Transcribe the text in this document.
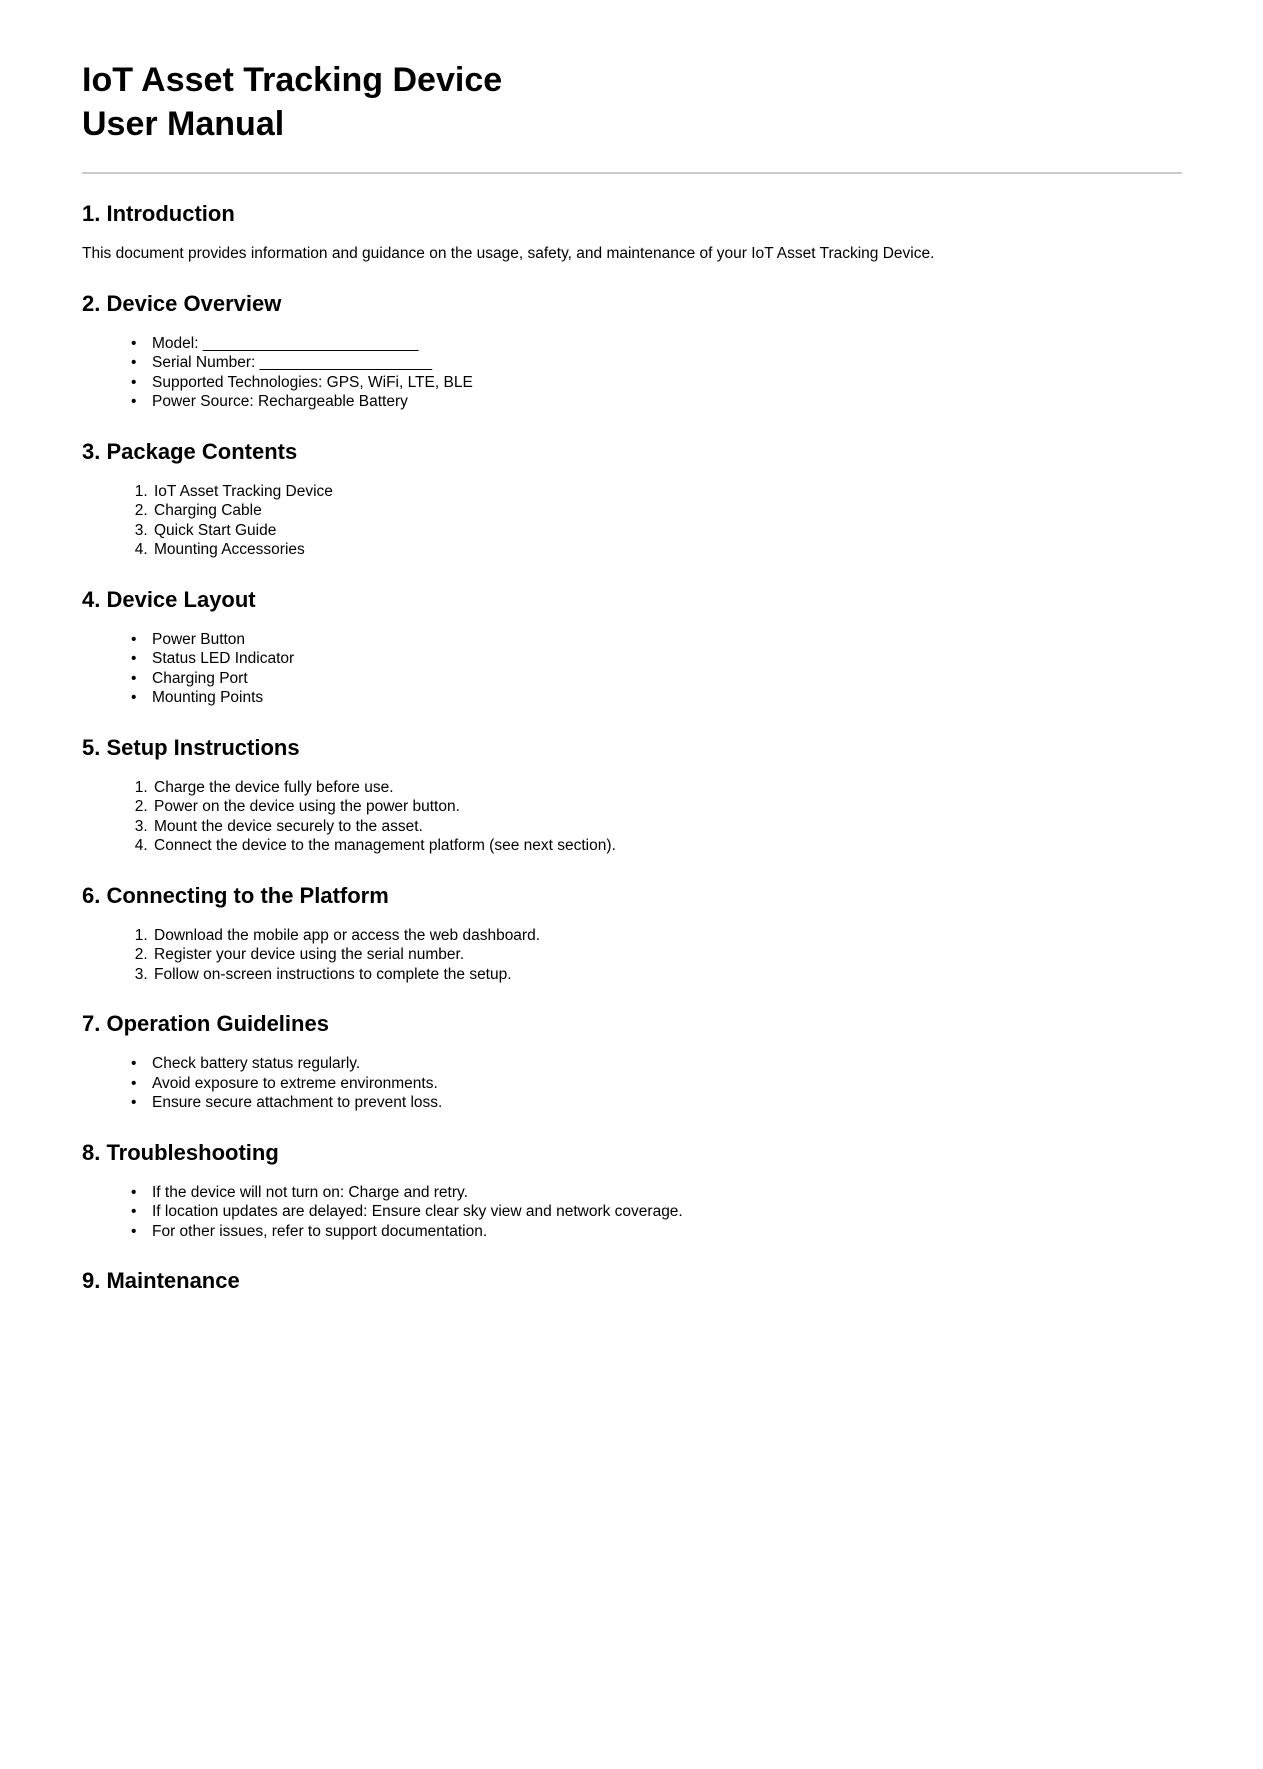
IoT Asset Tracking Device
User Manual
1. Introduction

This document provides information and guidance on the usage, safety, and maintenance of your IoT Asset Tracking Device.

2. Device Overview
• Model: _________________________
• Serial Number: ____________________
• Supported Technologies: GPS, WiFi, LTE, BLE
• Power Source: Rechargeable Battery
3. Package Contents
1. IoT Asset Tracking Device
2. Charging Cable
3. Quick Start Guide
4. Mounting Accessories
4. Device Layout
• Power Button
• Status LED Indicator
• Charging Port
• Mounting Points
5. Setup Instructions
1. Charge the device fully before use.
2. Power on the device using the power button.
3. Mount the device securely to the asset.
4. Connect the device to the management platform (see next section).
6. Connecting to the Platform
1. Download the mobile app or access the web dashboard.
2. Register your device using the serial number.
3. Follow on-screen instructions to complete the setup.
7. Operation Guidelines
• Check battery status regularly.
• Avoid exposure to extreme environments.
• Ensure secure attachment to prevent loss.
8. Troubleshooting
• If the device will not turn on: Charge and retry.
• If location updates are delayed: Ensure clear sky view and network coverage.
• For other issues, refer to support documentation.
9. Maintenance
